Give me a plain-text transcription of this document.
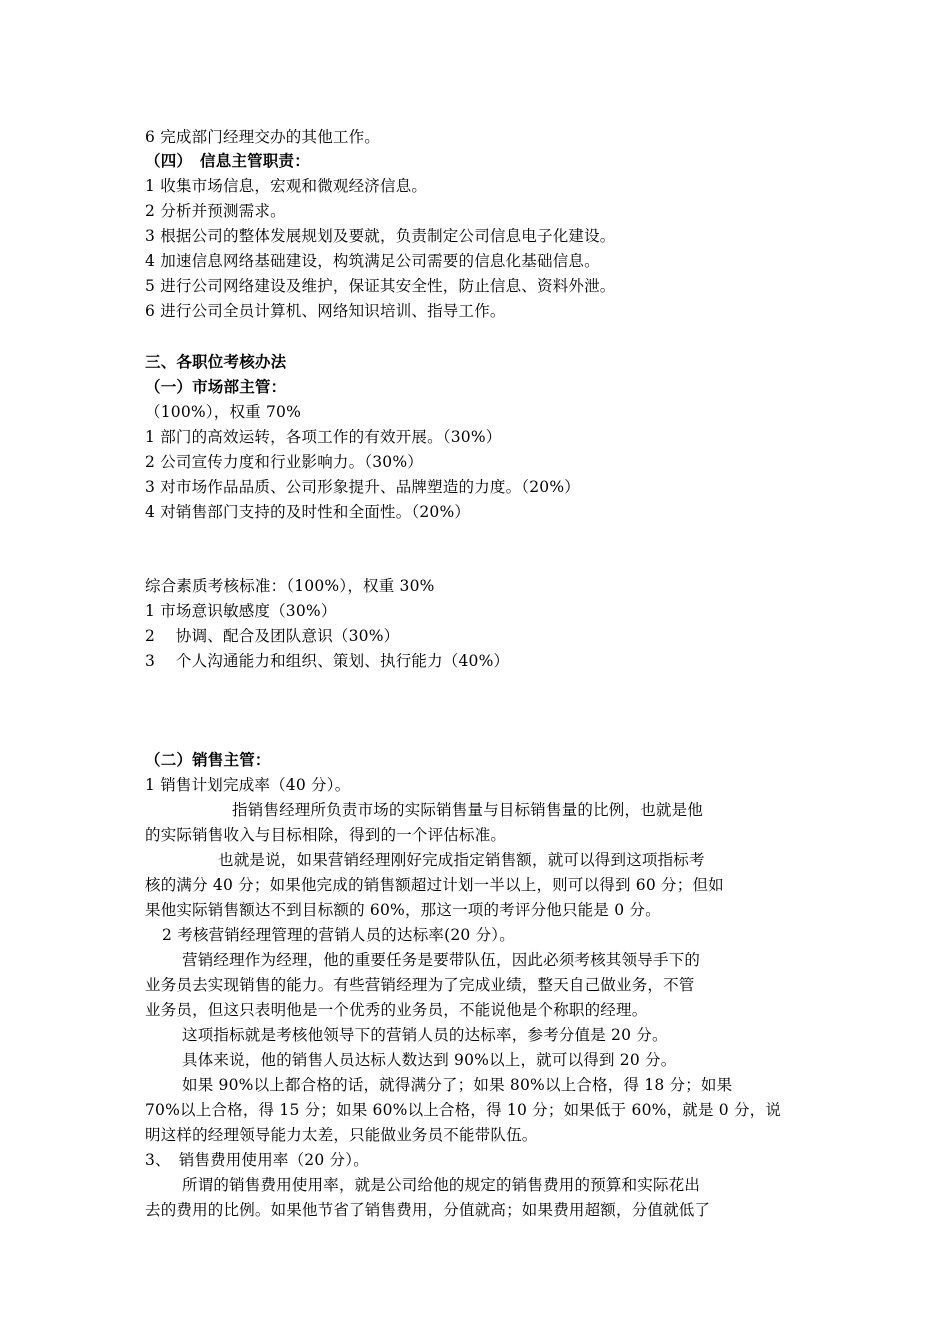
6 完成部门经理交办的其他工作。
（四）　信息主管职责：
1 收集市场信息，宏观和微观经济信息。
2 分析并预测需求。
3 根据公司的整体发展规划及要就，负责制定公司信息电子化建设。
4 加速信息网络基础建设，构筑满足公司需要的信息化基础信息。
5 进行公司网络建设及维护，保证其安全性，防止信息、资料外泄。
6 进行公司全员计算机、网络知识培训、指导工作。
三、各职位考核办法
（一）市场部主管：
（100%），权重 70%
1 部门的高效运转，各项工作的有效开展。（30%）
2 公司宣传力度和行业影响力。（30%）
3 对市场作品品质、公司形象提升、品牌塑造的力度。（20%）
4 对销售部门支持的及时性和全面性。（20%）
综合素质考核标准：（100%），权重 30%
1 市场意识敏感度（30%）
2　 协调、配合及团队意识（30%）
3　 个人沟通能力和组织、策划、执行能力（40%）
（二）销售主管：
1 销售计划完成率（40 分）。
指销售经理所负责市场的实际销售量与目标销售量的比例，也就是他
的实际销售收入与目标相除，得到的一个评估标准。
也就是说，如果营销经理刚好完成指定销售额，就可以得到这项指标考
核的满分 40 分；如果他完成的销售额超过计划一半以上，则可以得到 60 分；但如
果他实际销售额达不到目标额的 60%，那这一项的考评分他只能是 0 分。
2 考核营销经理管理的营销人员的达标率(20 分）。
营销经理作为经理，他的重要任务是要带队伍，因此必须考核其领导手下的
业务员去实现销售的能力。有些营销经理为了完成业绩，整天自己做业务，不管
业务员，但这只表明他是一个优秀的业务员，不能说他是个称职的经理。
这项指标就是考核他领导下的营销人员的达标率，参考分值是 20 分。
具体来说，他的销售人员达标人数达到 90%以上，就可以得到 20 分。
如果 90%以上都合格的话，就得满分了；如果 80%以上合格，得 18 分；如果
70%以上合格，得 15 分；如果 60%以上合格，得 10 分；如果低于 60%，就是 0 分，说
明这样的经理领导能力太差，只能做业务员不能带队伍。
3、　销售费用使用率（20 分）。
所谓的销售费用使用率，就是公司给他的规定的销售费用的预算和实际花出
去的费用的比例。如果他节省了销售费用，分值就高；如果费用超额，分值就低了
